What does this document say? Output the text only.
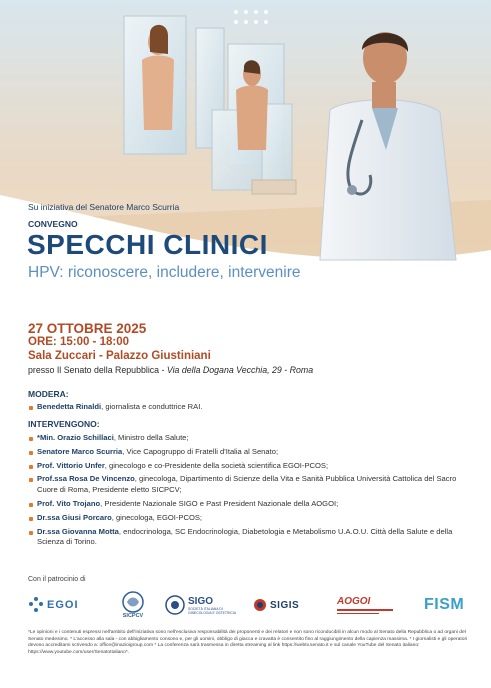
Su iniziativa del Senatore Marco Scurria
CONVEGNO
SPECCHI CLINICI
HPV: riconoscere, includere, intervenire
27 OTTOBRE 2025
ORE: 15:00 - 18:00
Sala Zuccari - Palazzo Giustiniani
presso Il Senato della Repubblica - Via della Dogana Vecchia, 29 - Roma
MODERA:
Benedetta Rinaldi, giornalista e conduttrice RAI.
INTERVENGONO:
*Min. Orazio Schillaci, Ministro della Salute;
Senatore Marco Scurria, Vice Capogruppo di Fratelli d'Italia al Senato;
Prof. Vittorio Unfer, ginecologo e co-Presidente della società scientifica EGOI-PCOS;
Prof.ssa Rosa De Vincenzo, ginecologa, Dipartimento di Scienze della Vita e Sanità Pubblica Università Cattolica del Sacro Cuore di Roma, Presidente eletto SICPCV;
Prof. Vito Trojano, Presidente Nazionale SIGO e Past President Nazionale della AOGOI;
Dr.ssa Giusi Porcaro, ginecologa, EGOI-PCOS;
Dr.ssa Giovanna Motta, endocrinologa, SC Endocrinologia, Diabetologia e Metabolismo U.A.O.U. Città della Salute e della Scienza di Torino.
Con il patrocinio di
EGOI
SICPCV
SIGO
SOCIETÀ ITALIANA DI GINECOLOGIA E OSTETRICIA
SIGIS	AOGOI	FISM
*Le opinioni e i contenuti espressi nell'ambito dell'iniziativa sono nell'esclusiva responsabilità dei proponenti e dei relatori e non sono riconducibili in alcun modo al Senato della Repubblica o ad organi del Senato medesimo. * L'accesso alla sala - con abbigliamento consono e, per gli uomini, obbligo di giacca e cravatta è consentito fino al raggiungimento della capienza massima. * I giornalisti e gli operatori devono accreditarsi scrivendo a: office@inazioigroup.com * La conferenza sarà trasmessa in diretta streaming al link https://webtv.senato.it e sul canale YouTube del Senato italiano: https://www.youtube.com/user/SenatoItaliano*.
